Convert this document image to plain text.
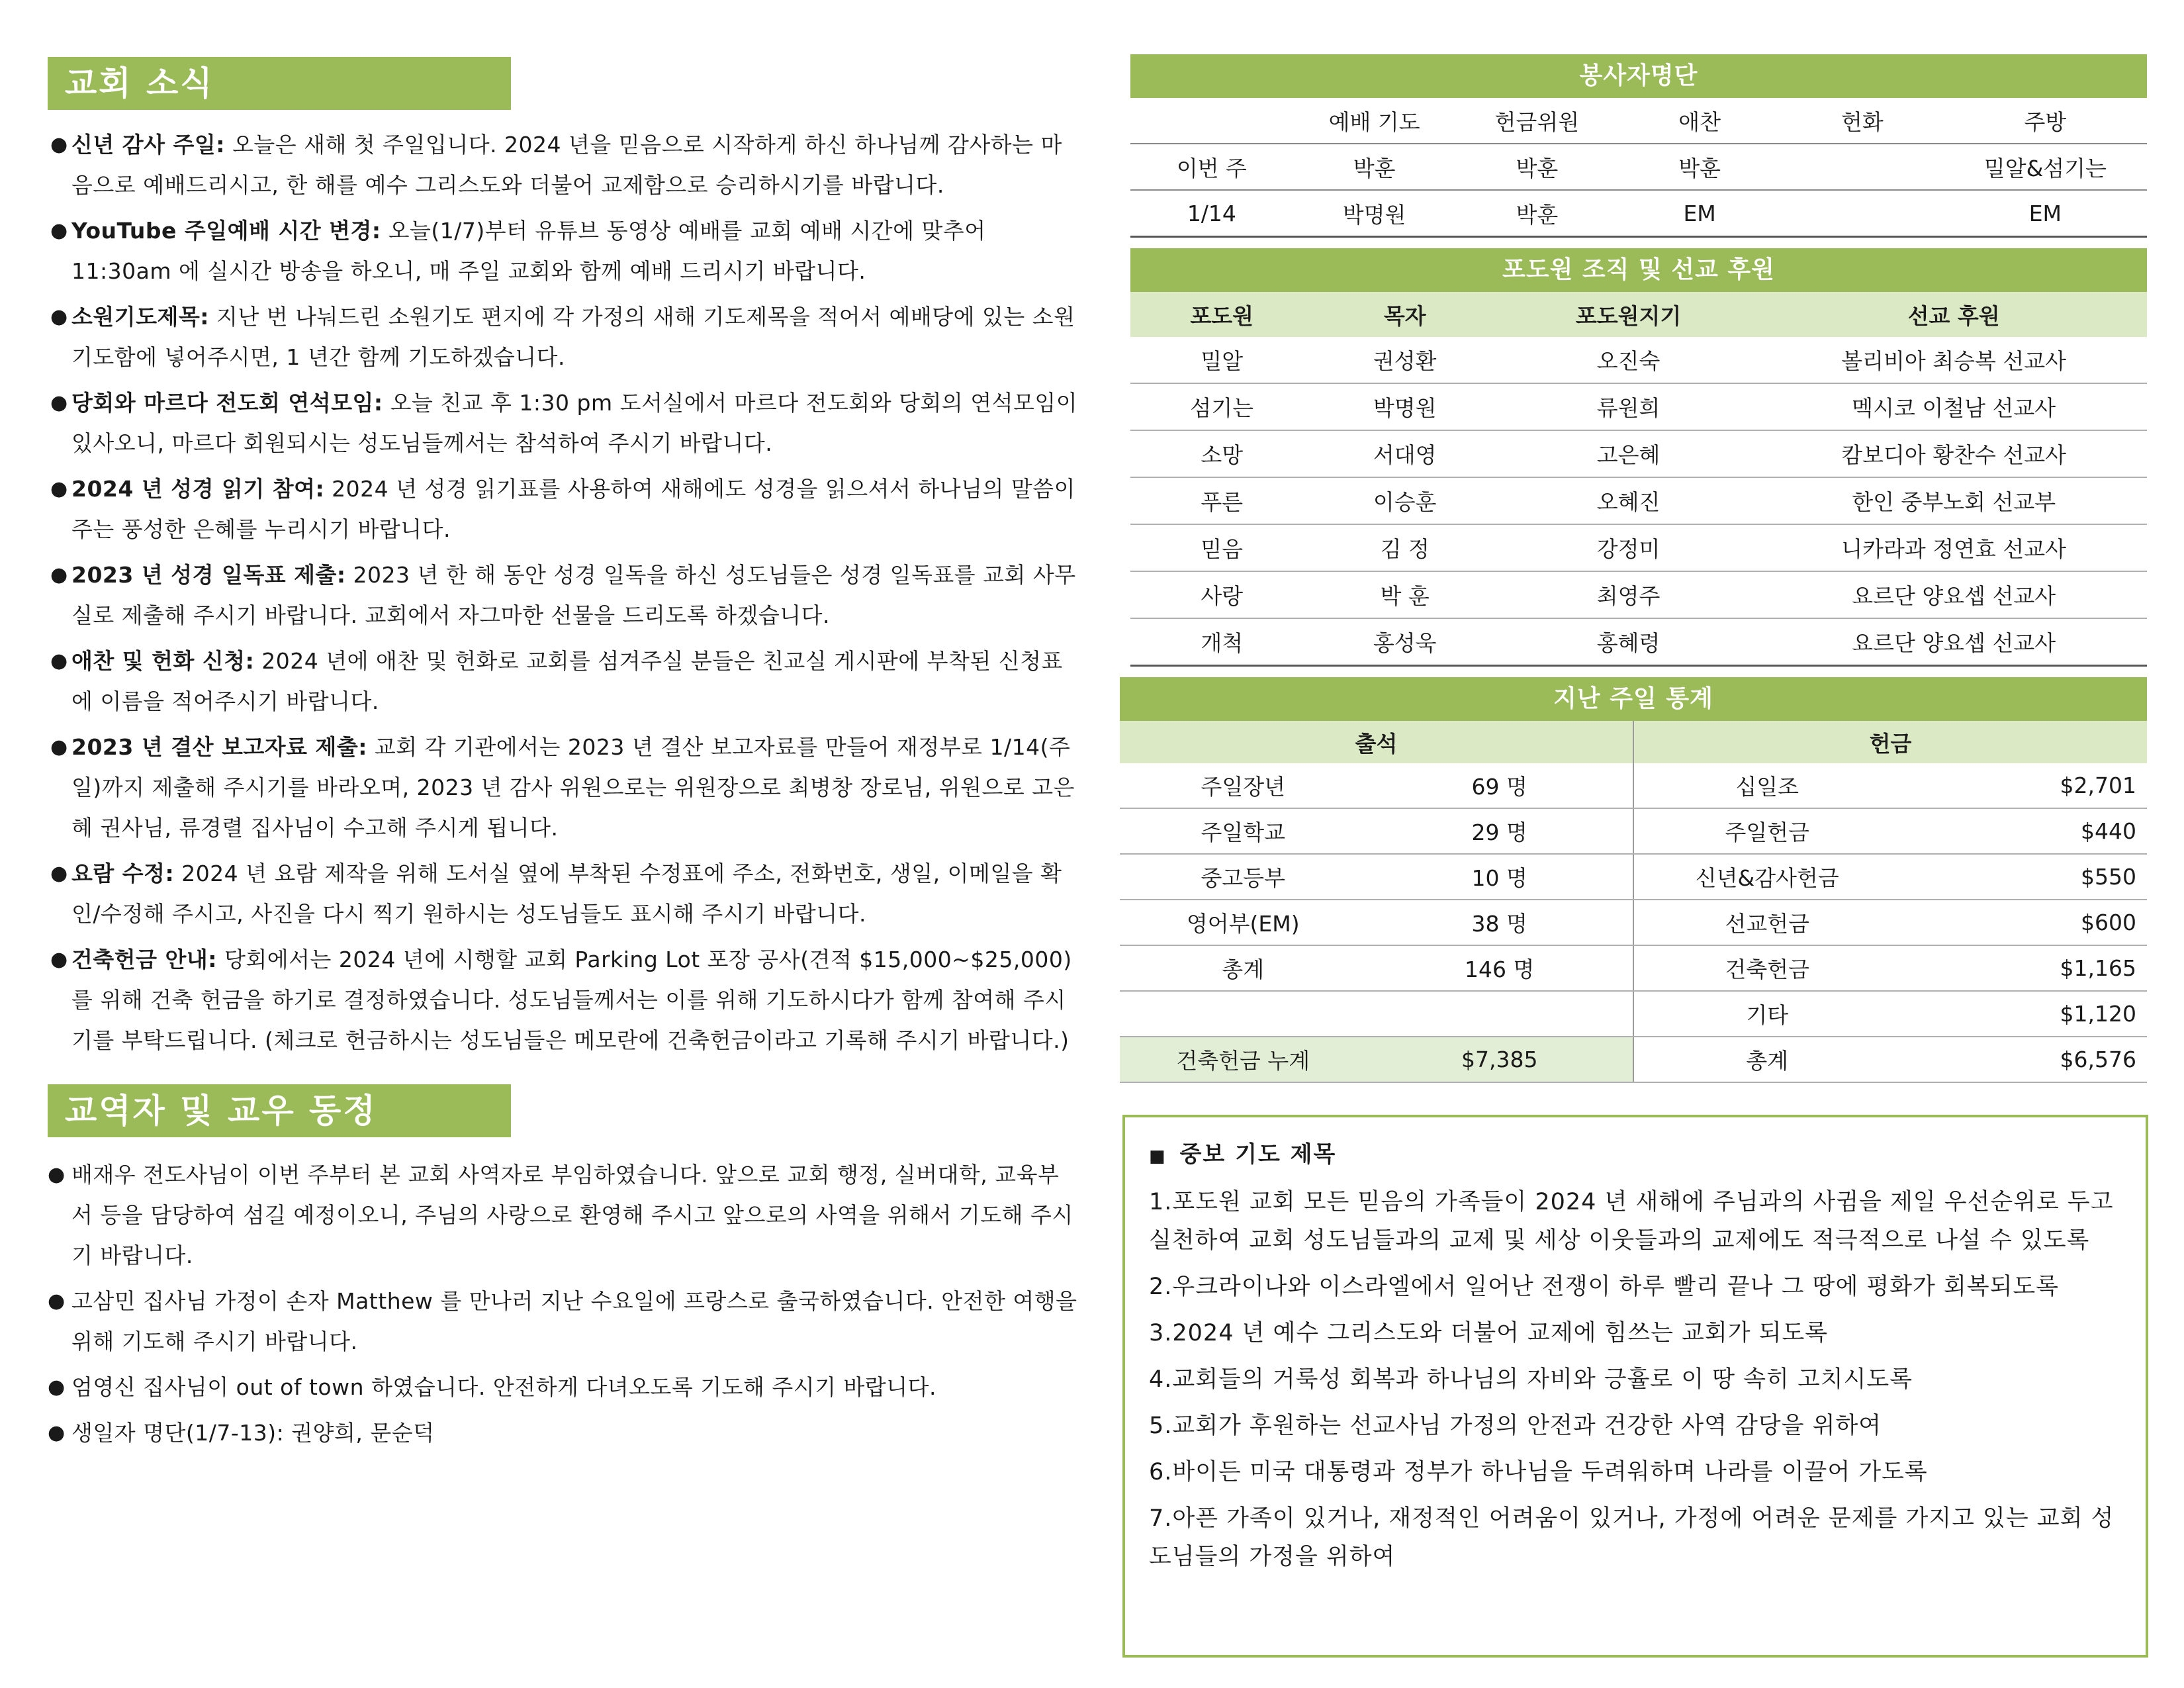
교회 소식
● 신년 감사 주일: 오늘은 새해 첫 주일입니다. 2024 년을 믿음으로 시작하게 하신 하나님께 감사하는 마음으로 예배드리시고, 한 해를 예수 그리스도와 더불어 교제함으로 승리하시기를 바랍니다.
● YouTube 주일예배 시간 변경: 오늘(1/7)부터 유튜브 동영상 예배를 교회 예배 시간에 맞추어 11:30am 에 실시간 방송을 하오니, 매 주일 교회와 함께 예배 드리시기 바랍니다.
● 소원기도제목: 지난 번 나눠드린 소원기도 편지에 각 가정의 새해 기도제목을 적어서 예배당에 있는 소원기도함에 넣어주시면, 1 년간 함께 기도하겠습니다.
● 당회와 마르다 전도회 연석모임: 오늘 친교 후 1:30 pm 도서실에서 마르다 전도회와 당회의 연석모임이 있사오니, 마르다 회원되시는 성도님들께서는 참석하여 주시기 바랍니다.
● 2024 년 성경 읽기 참여: 2024 년 성경 읽기표를 사용하여 새해에도 성경을 읽으셔서 하나님의 말씀이 주는 풍성한 은혜를 누리시기 바랍니다.
● 2023 년 성경 일독표 제출: 2023 년 한 해 동안 성경 일독을 하신 성도님들은 성경 일독표를 교회 사무실로 제출해 주시기 바랍니다. 교회에서 자그마한 선물을 드리도록 하겠습니다.
● 애찬 및 헌화 신청: 2024 년에 애찬 및 헌화로 교회를 섬겨주실 분들은 친교실 게시판에 부착된 신청표에 이름을 적어주시기 바랍니다.
● 2023 년 결산 보고자료 제출: 교회 각 기관에서는 2023 년 결산 보고자료를 만들어 재정부로 1/14(주일)까지 제출해 주시기를 바라오며, 2023 년 감사 위원으로는 위원장으로 최병창 장로님, 위원으로 고은혜 권사님, 류경렬 집사님이 수고해 주시게 됩니다.
● 요람 수정: 2024 년 요람 제작을 위해 도서실 옆에 부착된 수정표에 주소, 전화번호, 생일, 이메일을 확인/수정해 주시고, 사진을 다시 찍기 원하시는 성도님들도 표시해 주시기 바랍니다.
● 건축헌금 안내: 당회에서는 2024 년에 시행할 교회 Parking Lot 포장 공사(견적 $15,000~$25,000)를 위해 건축 헌금을 하기로 결정하였습니다. 성도님들께서는 이를 위해 기도하시다가 함께 참여해 주시기를 부탁드립니다. (체크로 헌금하시는 성도님들은 메모란에 건축헌금이라고 기록해 주시기 바랍니다.)
교역자 및 교우 동정
● 배재우 전도사님이 이번 주부터 본 교회 사역자로 부임하였습니다. 앞으로 교회 행정, 실버대학, 교육부서 등을 담당하여 섬길 예정이오니, 주님의 사랑으로 환영해 주시고 앞으로의 사역을 위해서 기도해 주시기 바랍니다.
● 고삼민 집사님 가정이 손자 Matthew 를 만나러 지난 수요일에 프랑스로 출국하였습니다. 안전한 여행을 위해 기도해 주시기 바랍니다.
● 엄영신 집사님이 out of town 하였습니다. 안전하게 다녀오도록 기도해 주시기 바랍니다.
● 생일자 명단(1/7-13): 권양희, 문순덕
봉사자명단
	예배 기도	헌금위원	애찬	헌화	주방
이번 주	박훈	박훈	박훈		밀알&섬기는
1/14	박명원	박훈	EM		EM
포도원 조직 및 선교 후원
포도원	목자	포도원지기	선교 후원
밀알	권성환	오진숙	볼리비아 최승복 선교사
섬기는	박명원	류원희	멕시코 이철남 선교사
소망	서대영	고은혜	캄보디아 황찬수 선교사
푸른	이승훈	오혜진	한인 중부노회 선교부
믿음	김 정	강정미	니카라과 정연효 선교사
사랑	박 훈	최영주	요르단 양요셉 선교사
개척	홍성욱	홍혜령	요르단 양요셉 선교사
지난 주일 통계
출석		헌금	
주일장년	69 명	십일조	$2,701
주일학교	29 명	주일헌금	$440
중고등부	10 명	신년&감사헌금	$550
영어부(EM)	38 명	선교헌금	$600
총계	146 명	건축헌금	$1,165
		기타	$1,120
건축헌금 누계	$7,385	총계	$6,576
■ 중보 기도 제목
1.포도원 교회 모든 믿음의 가족들이 2024 년 새해에 주님과의 사귐을 제일 우선순위로 두고 실천하여 교회 성도님들과의 교제 및 세상 이웃들과의 교제에도 적극적으로 나설 수 있도록
2.우크라이나와 이스라엘에서 일어난 전쟁이 하루 빨리 끝나 그 땅에 평화가 회복되도록
3.2024 년 예수 그리스도와 더불어 교제에 힘쓰는 교회가 되도록
4.교회들의 거룩성 회복과 하나님의 자비와 긍휼로 이 땅 속히 고치시도록
5.교회가 후원하는 선교사님 가정의 안전과 건강한 사역 감당을 위하여
6.바이든 미국 대통령과 정부가 하나님을 두려워하며 나라를 이끌어 가도록
7.아픈 가족이 있거나, 재정적인 어려움이 있거나, 가정에 어려운 문제를 가지고 있는 교회 성도님들의 가정을 위하여
